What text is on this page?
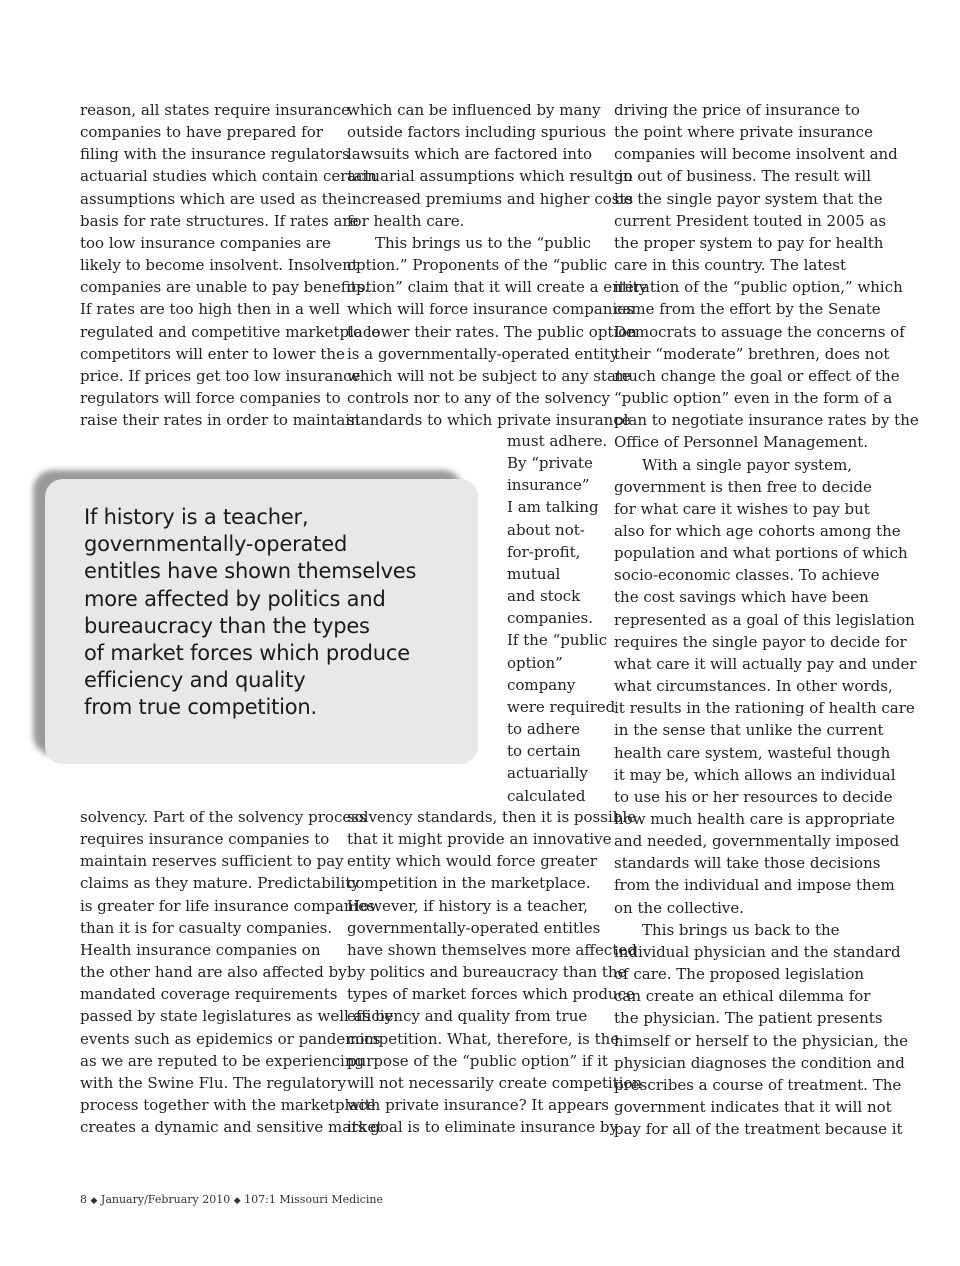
reason, all states require insurance
companies to have prepared for
filing with the insurance regulators
actuarial studies which contain certain
assumptions which are used as the
basis for rate structures. If rates are
too low insurance companies are
likely to become insolvent. Insolvent
companies are unable to pay benefits.
If rates are too high then in a well
regulated and competitive marketplace
competitors will enter to lower the
price. If prices get too low insurance
regulators will force companies to
raise their rates in order to maintain
solvency. Part of the solvency process
requires insurance companies to
maintain reserves sufficient to pay
claims as they mature. Predictability
is greater for life insurance companies
than it is for casualty companies.
Health insurance companies on
the other hand are also affected by
mandated coverage requirements
passed by state legislatures as well as by
events such as epidemics or pandemics
as we are reputed to be experiencing
with the Swine Flu. The regulatory
process together with the marketplace
creates a dynamic and sensitive market
which can be influenced by many
outside factors including spurious
lawsuits which are factored into
actuarial assumptions which result in
increased premiums and higher costs
for health care.
This brings us to the “public
option.” Proponents of the “public
option” claim that it will create a entity
which will force insurance companies
to lower their rates. The public option
is a governmentally-operated entity
which will not be subject to any state
controls nor to any of the solvency
standards to which private insurance
must adhere.
By “private
insurance”
I am talking
about not-
for-profit,
mutual
and stock
companies.
If the “public
option”
company
were required
to adhere
to certain
actuarially
calculated
solvency standards, then it is possible
that it might provide an innovative
entity which would force greater
competition in the marketplace.
However, if history is a teacher,
governmentally-operated entitles
have shown themselves more affected
by politics and bureaucracy than the
types of market forces which produce
efficiency and quality from true
competition. What, therefore, is the
purpose of the “public option” if it
will not necessarily create competition
with private insurance? It appears
its goal is to eliminate insurance by
driving the price of insurance to
the point where private insurance
companies will become insolvent and
go out of business. The result will
be the single payor system that the
current President touted in 2005 as
the proper system to pay for health
care in this country. The latest
iteration of the “public option,” which
came from the effort by the Senate
Democrats to assuage the concerns of
their “moderate” brethren, does not
much change the goal or effect of the
“public option” even in the form of a
plan to negotiate insurance rates by the
Office of Personnel Management.
With a single payor system,
government is then free to decide
for what care it wishes to pay but
also for which age cohorts among the
population and what portions of which
socio-economic classes. To achieve
the cost savings which have been
represented as a goal of this legislation
requires the single payor to decide for
what care it will actually pay and under
what circumstances. In other words,
it results in the rationing of health care
in the sense that unlike the current
health care system, wasteful though
it may be, which allows an individual
to use his or her resources to decide
how much health care is appropriate
and needed, governmentally imposed
standards will take those decisions
from the individual and impose them
on the collective.
This brings us back to the
individual physician and the standard
of care. The proposed legislation
can create an ethical dilemma for
the physician. The patient presents
himself or herself to the physician, the
physician diagnoses the condition and
prescribes a course of treatment. The
government indicates that it will not
pay for all of the treatment because it
If history is a teacher,
governmentally-operated
entitles have shown themselves
more affected by politics and
bureaucracy than the types
of market forces which produce
efficiency and quality
from true competition.
8 ◆ January/February 2010 ◆ 107:1 Missouri Medicine
